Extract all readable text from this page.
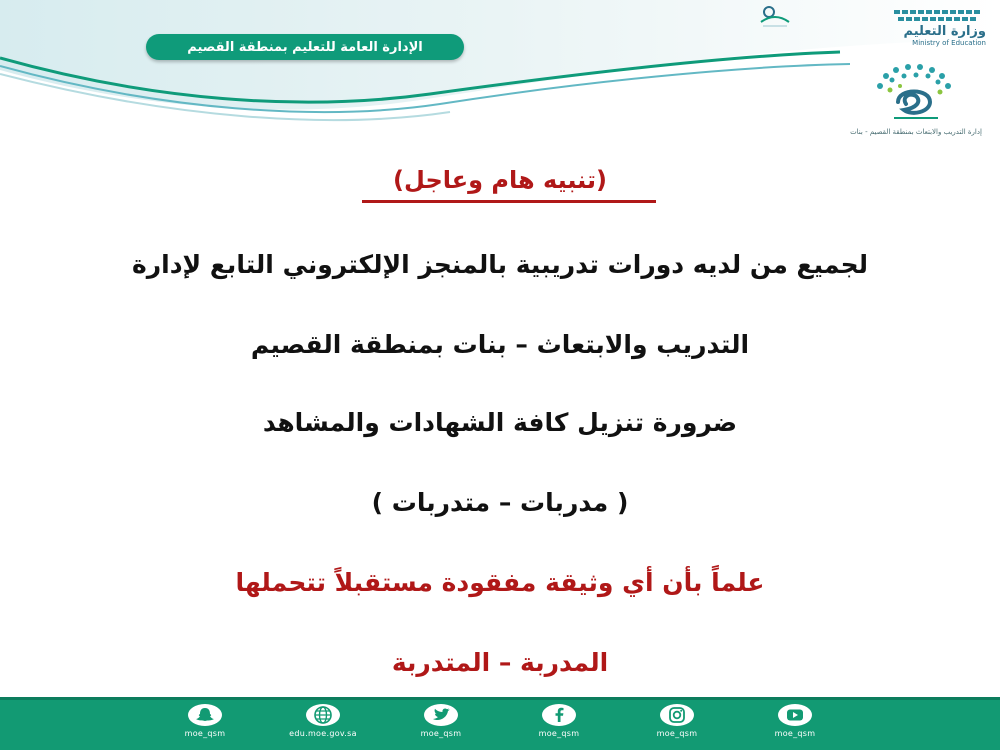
الإدارة العامة للتعليم بمنطقة القصيم
وزارة التعليم
Ministry of Education
إدارة التدريب والابتعاث بمنطقة القصيم - بنات
(تنبيه هام وعاجل)
لجميع من لديه دورات تدريبية بالمنجز الإلكتروني التابع لإدارة
التدريب والابتعاث – بنات بمنطقة القصيم
ضرورة تنزيل كافة الشهادات والمشاهد
( مدربات – متدربات )
علماً بأن أي وثيقة مفقودة مستقبلاً تتحملها
المدربة – المتدربة
moe_qsm	edu.moe.gov.sa	moe_qsm	moe_qsm	moe_qsm	moe_qsm
